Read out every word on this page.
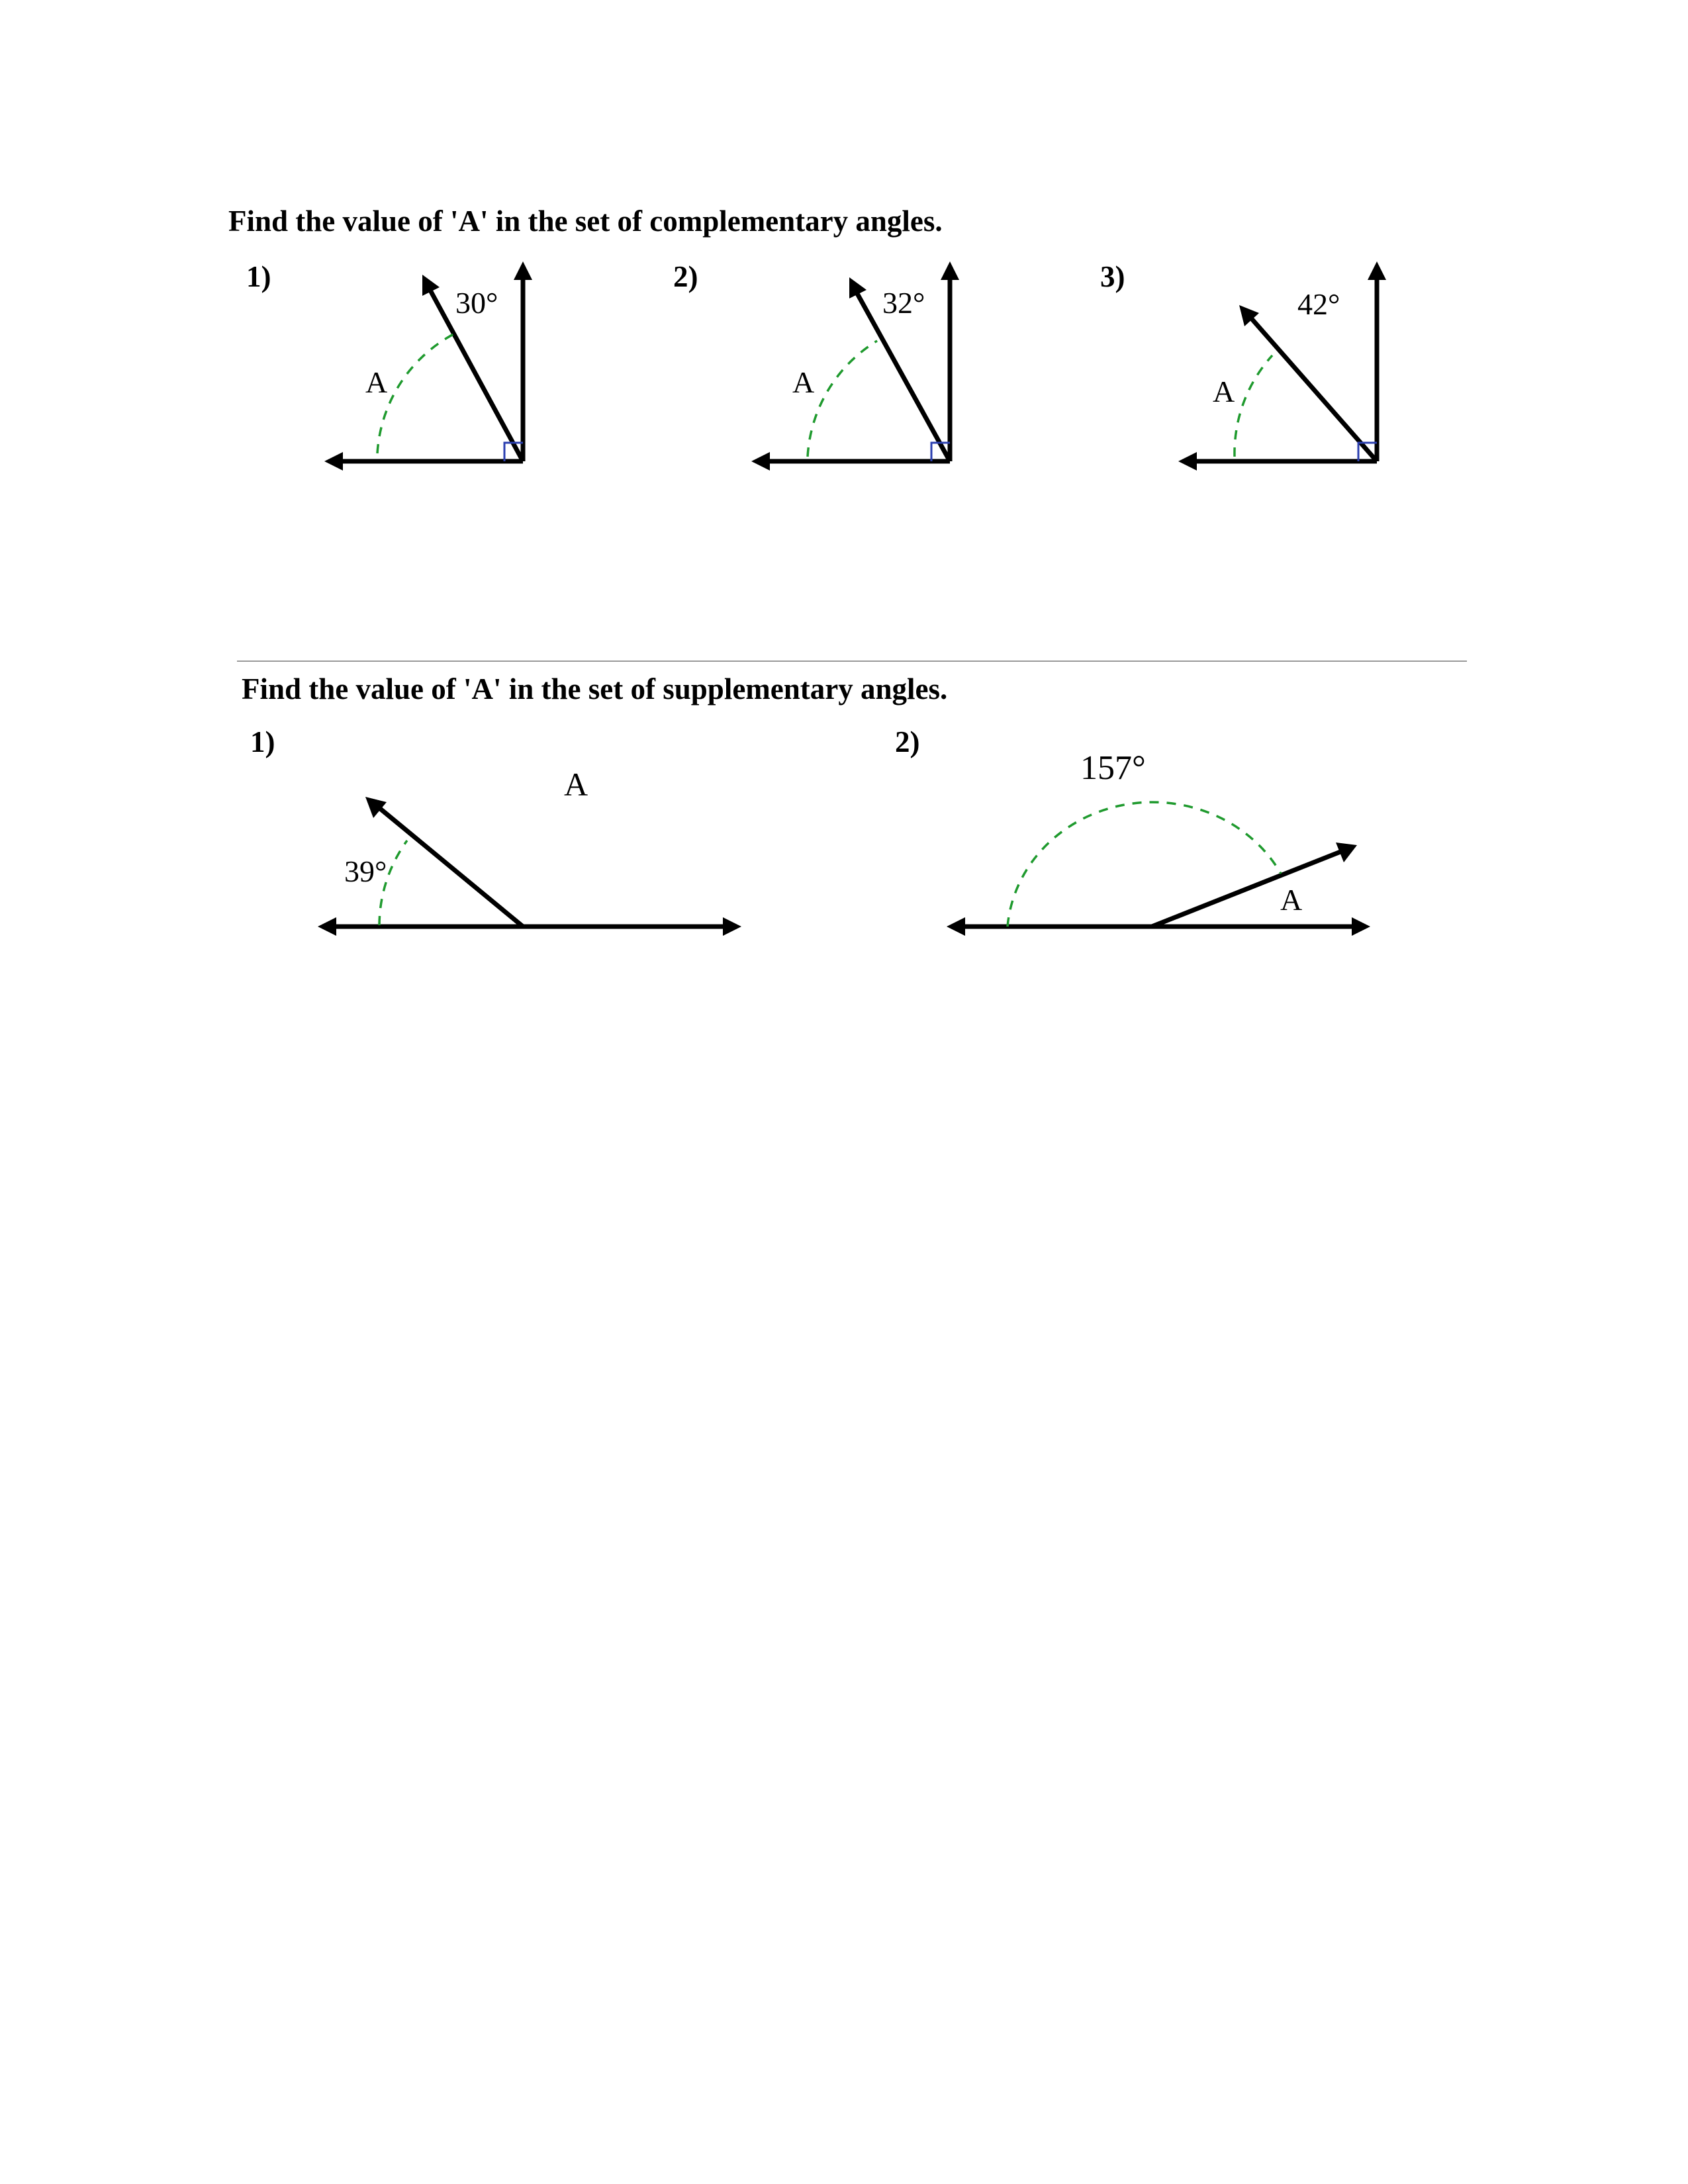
Find the value of 'A' in the set of complementary angles.
1)	2)	3)
30°
A
32°
A
42°
A
Find the value of 'A' in the set of supplementary angles.
1)	2)
39°
A	157°
A
